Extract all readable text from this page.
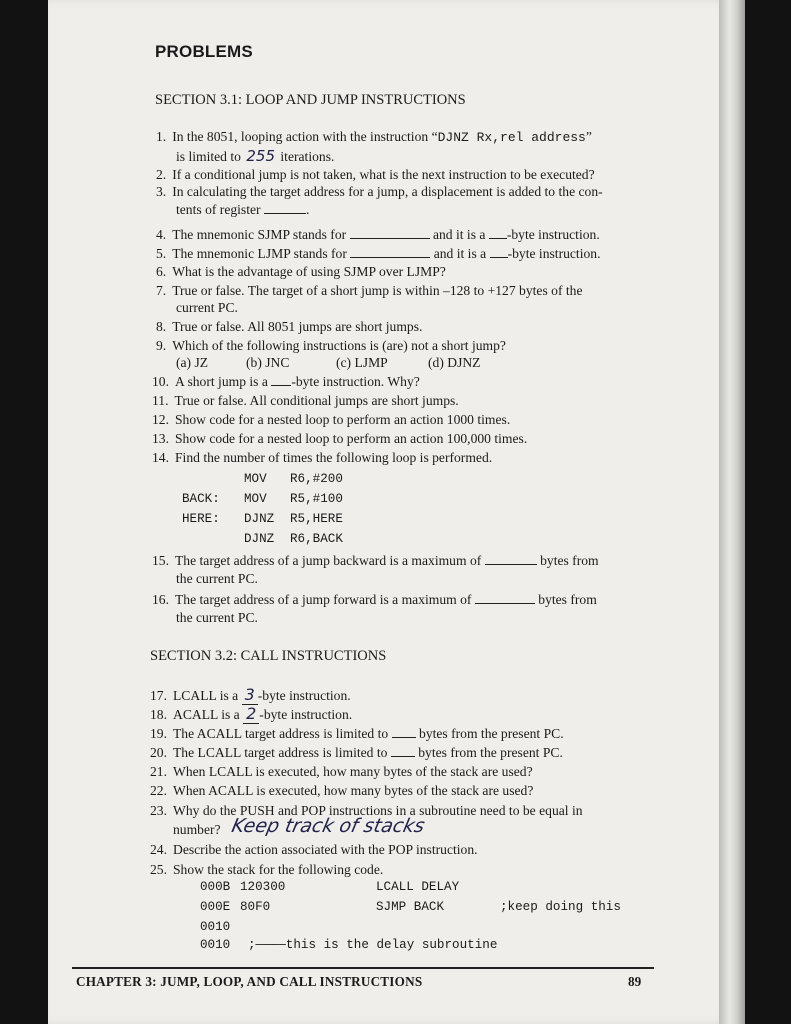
PROBLEMS
SECTION 3.1: LOOP AND JUMP INSTRUCTIONS
1. In the 8051, looping action with the instruction “DJNZ Rx,rel address”
is limited to 255 iterations.
2. If a conditional jump is not taken, what is the next instruction to be executed?
3. In calculating the target address for a jump, a displacement is added to the con-
tents of register	.
4. The mnemonic SJMP stands for	and it is a -byte instruction.
5. The mnemonic LJMP stands for	and it is a -byte instruction.
6. What is the advantage of using SJMP over LJMP?
7. True or false. The target of a short jump is within –128 to +127 bytes of the
current PC.
8. True or false. All 8051 jumps are short jumps.
9. Which of the following instructions is (are) not a short jump?
(a) JZ	(b) JNC	(c) LJMP	(d) DJNZ
10. A short jump is a -byte instruction. Why?
11. True or false. All conditional jumps are short jumps.
12. Show code for a nested loop to perform an action 1000 times.
13. Show code for a nested loop to perform an action 100,000 times.
14. Find the number of times the following loop is performed.
MOV R6,#200
BACK: MOV R5,#100
HERE: DJNZ R5,HERE
DJNZ R6,BACK
15. The target address of a jump backward is a maximum of	bytes from
the current PC.
16. The target address of a jump forward is a maximum of	bytes from
the current PC.
SECTION 3.2: CALL INSTRUCTIONS
17. LCALL is a 3 -byte instruction.
18. ACALL is a 2 -byte instruction.
19. The ACALL target address is limited to bytes from the present PC.
20. The LCALL target address is limited to bytes from the present PC.
21. When LCALL is executed, how many bytes of the stack are used?
22. When ACALL is executed, how many bytes of the stack are used?
23. Why do the PUSH and POP instructions in a subroutine need to be equal in
number? Keep track of stacks
24. Describe the action associated with the POP instruction.
25. Show the stack for the following code.
000B 120300	LCALL DELAY
000E 80F0	SJMP BACK	;keep doing this
0010
0010 ;————this is the delay subroutine
CHAPTER 3: JUMP, LOOP, AND CALL INSTRUCTIONS	89
